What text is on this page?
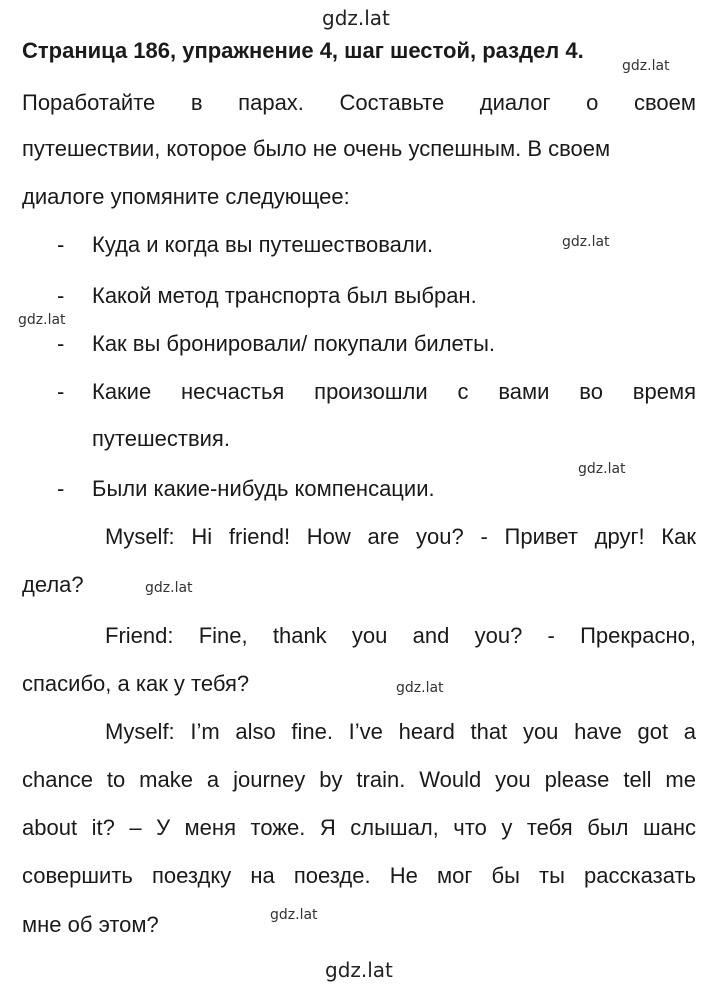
gdz.lat
gdz.lat
gdz.lat
gdz.lat
gdz.lat
gdz.lat
gdz.lat
gdz.lat
gdz.lat
Страница 186, упражнение 4, шаг шестой, раздел 4.
Поработайте в парах. Составьте диалог о своем
путешествии, которое было не очень успешным. В своем
диалоге упомяните следующее:
- Куда и когда вы путешествовали.
- Какой метод транспорта был выбран.
- Как вы бронировали/ покупали билеты.
- Какие несчастья произошли с вами во время
путешествия.
- Были какие-нибудь компенсации.
Myself: Hi friend! How are you? - Привет друг! Как
дела?
Friend: Fine, thank you and you? - Прекрасно,
спасибо, а как у тебя?
Myself: I’m also fine. I’ve heard that you have got a
chance to make a journey by train. Would you please tell me
about it? – У меня тоже. Я слышал, что у тебя был шанс
совершить поездку на поезде. Не мог бы ты рассказать
мне об этом?
